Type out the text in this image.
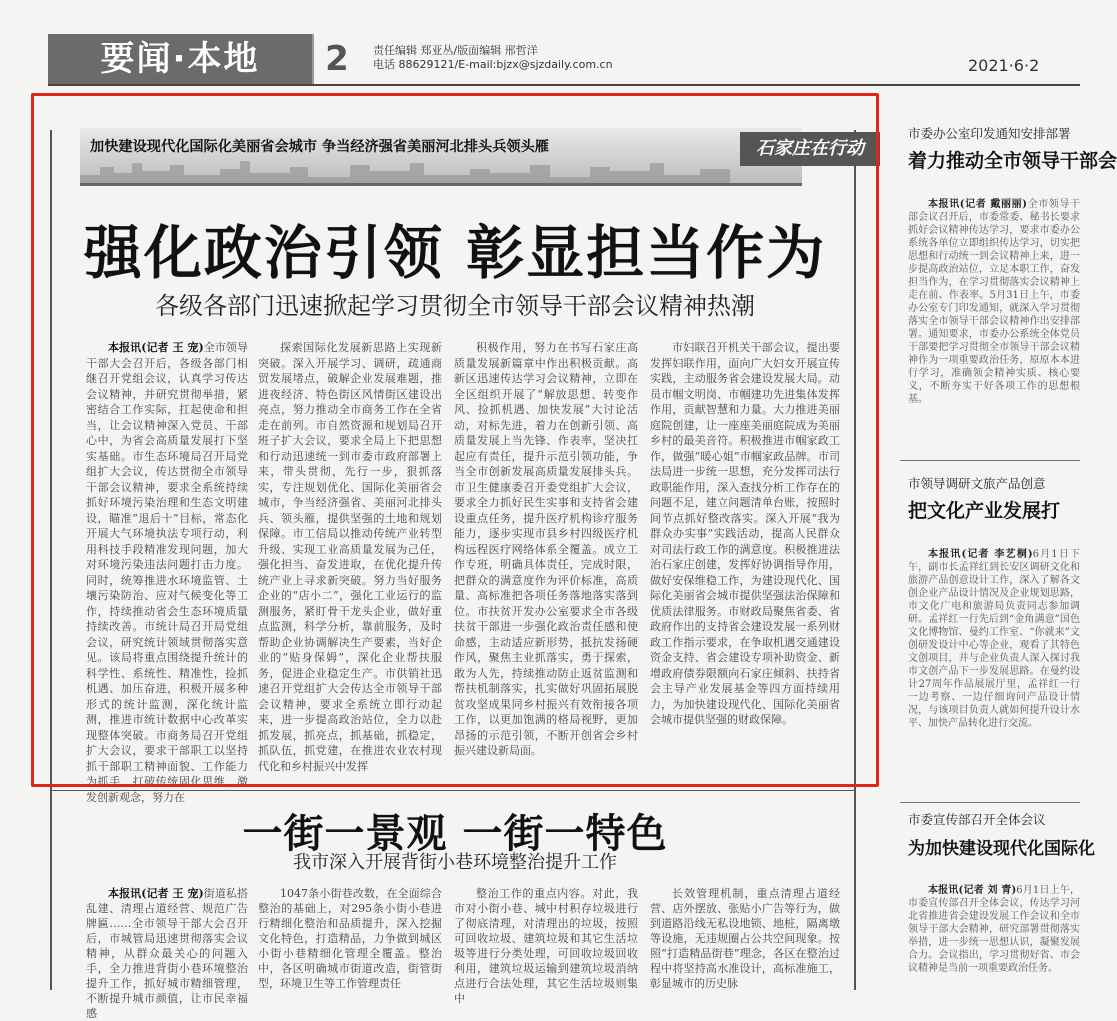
要闻·本地	2	责任编辑 郑亚丛/版面编辑 邢哲洋
电话 88629121/E-mail:bjzx@sjzdaily.com.cn	2021·6·2
加快建设现代化国际化美丽省会城市 争当经济强省美丽河北排头兵领头雁	石家庄在行动
强化政治引领 彰显担当作为
各级各部门迅速掀起学习贯彻全市领导干部会议精神热潮

本报讯(记者 王 宠)全市领导干部大会召开后，各级各部门相继召开党组会议，认真学习传达会议精神，并研究贯彻举措，紧密结合工作实际，扛起使命和担当，让会议精神深入党员、干部心中，为省会高质量发展打下坚实基础。市生态环境局召开局党组扩大会议，传达贯彻全市领导干部会议精神，要求全系统持续抓好环境污染治理和生态文明建设，瞄准“退后十”目标，常态化开展大气环境执法专项行动，利用科技手段精准发现问题，加大对环境污染违法问题打击力度。同时，统筹推进水环境监管、土壤污染防治、应对气候变化等工作，持续推动省会生态环境质量持续改善。市统计局召开局党组会议，研究统计领域贯彻落实意见。该局将重点围绕提升统计的科学性、系统性、精准性，捡抓机遇、加压奋进，积极开展多种形式的统计监测，深化统计监测，推进市统计数据中心改革实现整体突破。市商务局召开党组扩大会议，要求干部职工以坚持抓干部职工精神面貌、工作能力为抓手，打破传统固化思维，激发创新观念，努力在

探索国际化发展新思路上实现新突破。深入开展学习、调研，疏通商贸发展堵点，破解企业发展难题，推进夜经济、特色街区风情街区建设出亮点，努力推动全市商务工作在全省走在前列。市自然资源和规划局召开班子扩大会议，要求全局上下把思想和行动迅速统一到市委市政府部署上来，带头贯彻，先行一步，狠抓落实，专注规划优化、国际化美丽省会城市，争当经济强省、美丽河北排头兵、领头雁，提供坚强的土地和规划保障。市工信局以推动传统产业转型升级、实现工业高质量发展为己任，强化担当、奋发进取，在优化提升传统产业上寻求新突破。努力当好服务企业的“店小二”，强化工业运行的监测服务，紧盯骨干龙头企业，做好重点监测，科学分析，靠前服务，及时帮助企业协调解决生产要素，当好企业的“贴身保姆”，深化企业帮扶服务，促进企业稳定生产。市供销社迅速召开党组扩大会传达全市领导干部会议精神，要求全系统立即行动起来，进一步提高政治站位，全力以赴抓发展，抓亮点，抓基础，抓稳定，抓队伍，抓党建，在推进农业农村现代化和乡村振兴中发挥

积极作用，努力在书写石家庄高质量发展新篇章中作出积极贡献。高新区迅速传达学习会议精神，立即在全区组织开展了“解放思想、转变作风、捡抓机遇、加快发展”大讨论活动，对标先进，着力在创新引领、高质量发展上当先锋、作表率，坚决扛起应有责任，提升示范引领功能，争当全市创新发展高质量发展排头兵。市卫生健康委召开委党组扩大会议，要求全力抓好民生实事和支持省会建设重点任务，提升医疗机构诊疗服务能力，逐步实现市县乡村四级医疗机构远程医疗网络体系全覆盖。成立工作专班，明确具体责任，完成时限，把群众的满意度作为评价标准，高质量、高标准把各项任务落地落实落到位。市扶贫开发办公室要求全市各级扶贫干部进一步强化政治责任感和使命感，主动适应新形势，抵抗发扬硬作风，聚焦主业抓落实，勇于探索，敢为人先，持续推动防止返贫监测和帮扶机制落实，扎实做好巩固拓展脱贫攻坚成果同乡村振兴有效衔接各项工作，以更加饱满的格局视野，更加昂扬的示范引领，不断开创省会乡村振兴建设新局面。

市妇联召开机关干部会议，提出要发挥妇联作用，面向广大妇女开展宣传实践，主动服务省会建设发展大局。动员市帼文明岗、市帼建功先进集体发挥作用，贡献智慧和力量。大力推进美丽庭院创建，让一座座美丽庭院成为美丽乡村的最美音符。积极推进市帼家政工作，做强“暖心姐”市帼家政品牌。市司法局进一步统一思想，充分发挥司法行政职能作用，深入查找分析工作存在的问题不足，建立问题清单台账，按照时间节点抓好整改落实。深入开展“我为群众办实事”实践活动，提高人民群众对司法行政工作的满意度。积极推进法治石家庄创建，发挥好协调指导作用，做好安保维稳工作，为建设现代化、国际化美丽省会城市提供坚强法治保障和优质法律服务。市财政局聚焦省委、省政府作出的支持省会建设发展一系列财政工作指示要求，在争取机遇交通建设资金支持、省会建设专项补助资金、新增政府债券限额向石家庄倾斜、扶持省会主导产业发展基金等四方面持续用力，为加快建设现代化、国际化美丽省会城市提供坚强的财政保障。

一街一景观 一街一特色
我市深入开展背街小巷环境整治提升工作

本报讯(记者 王 宠)街道私搭乱建、清理占道经营、规范广告牌匾……全市领导干部大会召开后，市城管局迅速贯彻落实会议精神，从群众最关心的问题入手，全力推进背街小巷环境整治提升工作，抓好城市精细管理，不断提升城市颜值，让市民幸福感

1047条小街巷改数，在全面综合整治的基础上，对295条小街小巷进行精细化整治和品质提升，深入挖掘文化特色，打造精品，力争做到城区小街小巷精细化管理全覆盖。整治中，各区明确城市街道改造，街管街型，环境卫生等工作管理责任

整治工作的重点内容。对此，我市对小街小巷、城中村积存垃圾进行了彻底清理，对清理出的垃圾，按照可回收垃圾、建筑垃圾和其它生活垃圾等进行分类处理，可回收垃圾回收利用，建筑垃圾运输到建筑垃圾消纳点进行合法处理，其它生活垃圾则集中

长效管理机制，重点清理占道经营、店外摆放、张贴小广告等行为，做到道路沿线无私设地锁、地桩，隔离墩等设施，无违规圈占公共空间现象。按照“打造精品街巷”理念，各区在整治过程中将坚持高水准设计，高标准施工，彰显城市的历史脉

市委办公室印发通知安排部署
着力推动全市领导干部会

本报讯(记者 戴丽丽)全市领导干部会议召开后，市委常委、秘书长要求抓好会议精神传达学习，要求市委办公系统各单位立即组织传达学习，切实把思想和行动统一到会议精神上来，进一步提高政治站位，立足本职工作，奋发担当作为，在学习贯彻落实会议精神上走在前、作表率。5月31日上午，市委办公室专门印发通知，就深入学习贯彻落实全市领导干部会议精神作出安排部署。通知要求，市委办公系统全体党员干部要把学习贯彻全市领导干部会议精神作为一项重要政治任务，原原本本进行学习，准确领会精神实质、核心要义，不断夯实干好各项工作的思想根基。

市领导调研文旅产品创意
把文化产业发展打

本报讯(记者 李艺桐)6月1日下午，副市长孟祥红到长安区调研文化和旅游产品创意设计工作，深入了解各文创企业产品设计情况及企业规划思路，市文化广电和旅游局负责同志参加调研。孟祥红一行先后到“金角满意”国色文化博物馆、曼约工作室、“你就来”文创研发设计中心等企业，观看了其特色文创项目，并与企业负责人深入探讨我市文创产品下一步发展思路。在曼约设计27周年作品展展厅里，孟祥红一行一边考察、一边仔细询问产品设计情况，与该项目负责人就如何提升设计水平、加快产品转化进行交流。

市委宣传部召开全体会议
为加快建设现代化国际化

本报讯(记者 刘 青)6月1日上午，市委宣传部召开全体会议，传达学习河北省推进省会建设发展工作会议和全市领导干部大会精神，研究部署贯彻落实举措，进一步统一思想认识，凝聚发展合力。会议指出，学习贯彻好省、市会议精神是当前一项重要政治任务。
